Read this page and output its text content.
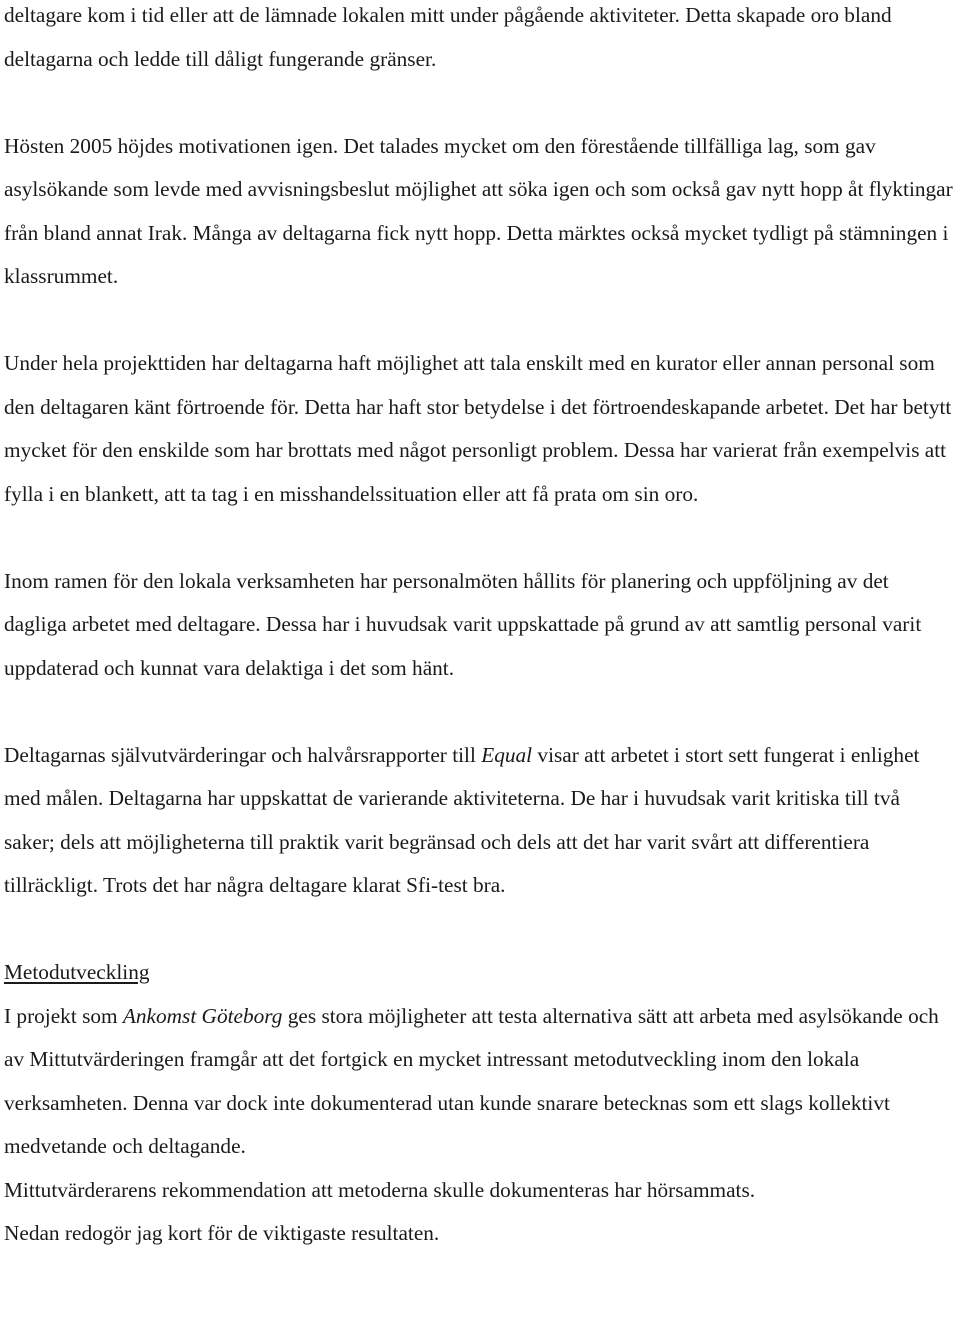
deltagare kom i tid eller att de lämnade lokalen mitt under pågående aktiviteter. Detta skapade oro bland deltagarna och ledde till dåligt fungerande gränser.

Hösten 2005 höjdes motivationen igen. Det talades mycket om den förestående tillfälliga lag, som gav asylsökande som levde med avvisningsbeslut möjlighet att söka igen och som också gav nytt hopp åt flyktingar från bland annat Irak. Många av deltagarna fick nytt hopp. Detta märktes också mycket tydligt på stämningen i klassrummet.

Under hela projekttiden har deltagarna haft möjlighet att tala enskilt med en kurator eller annan personal som den deltagaren känt förtroende för. Detta har haft stor betydelse i det förtroendeskapande arbetet. Det har betytt mycket för den enskilde som har brottats med något personligt problem. Dessa har varierat från exempelvis att fylla i en blankett, att ta tag i en misshandelssituation eller att få prata om sin oro.

Inom ramen för den lokala verksamheten har personalmöten hållits för planering och uppföljning av det dagliga arbetet med deltagare. Dessa har i huvudsak varit uppskattade på grund av att samtlig personal varit uppdaterad och kunnat vara delaktiga i det som hänt.

Deltagarnas självutvärderingar och halvårsrapporter till Equal visar att arbetet i stort sett fungerat i enlighet med målen. Deltagarna har uppskattat de varierande aktiviteterna. De har i huvudsak varit kritiska till två saker; dels att möjligheterna till praktik varit begränsad och dels att det har varit svårt att differentiera tillräckligt. Trots det har några deltagare klarat Sfi-test bra.

Metodutveckling

I projekt som Ankomst Göteborg ges stora möjligheter att testa alternativa sätt att arbeta med asylsökande och av Mittutvärderingen framgår att det fortgick en mycket intressant metodutveckling inom den lokala verksamheten. Denna var dock inte dokumenterad utan kunde snarare betecknas som ett slags kollektivt medvetande och deltagande.

Mittutvärderarens rekommendation att metoderna skulle dokumenteras har hörsammats.

Nedan redogör jag kort för de viktigaste resultaten.
